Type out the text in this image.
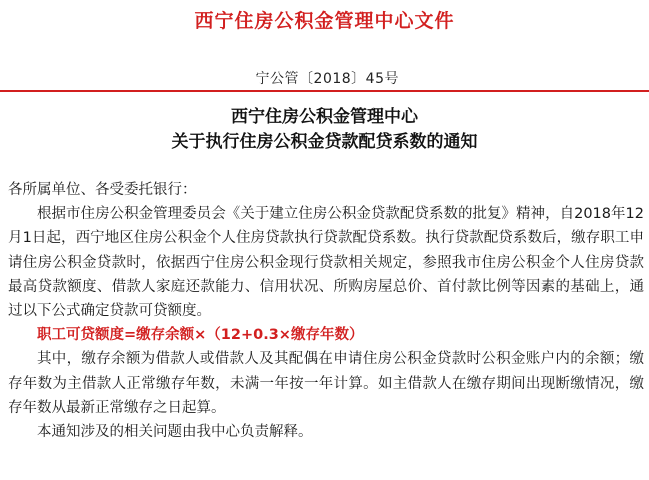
西宁住房公积金管理中心文件
宁公管〔2018〕45号
西宁住房公积金管理中心
关于执行住房公积金贷款配贷系数的通知

各所属单位、各受委托银行：

根据市住房公积金管理委员会《关于建立住房公积金贷款配贷系数的批复》精神，自2018年12月1日起，西宁地区住房公积金个人住房贷款执行贷款配贷系数。执行贷款配贷系数后，缴存职工申请住房公积金贷款时，依据西宁住房公积金现行贷款相关规定，参照我市住房公积金个人住房贷款最高贷款额度、借款人家庭还款能力、信用状况、所购房屋总价、首付款比例等因素的基础上，通过以下公式确定贷款可贷额度。

职工可贷额度=缴存余额×（12+0.3×缴存年数）

其中，缴存余额为借款人或借款人及其配偶在申请住房公积金贷款时公积金账户内的余额；缴存年数为主借款人正常缴存年数，未满一年按一年计算。如主借款人在缴存期间出现断缴情况，缴存年数从最新正常缴存之日起算。

本通知涉及的相关问题由我中心负责解释。
